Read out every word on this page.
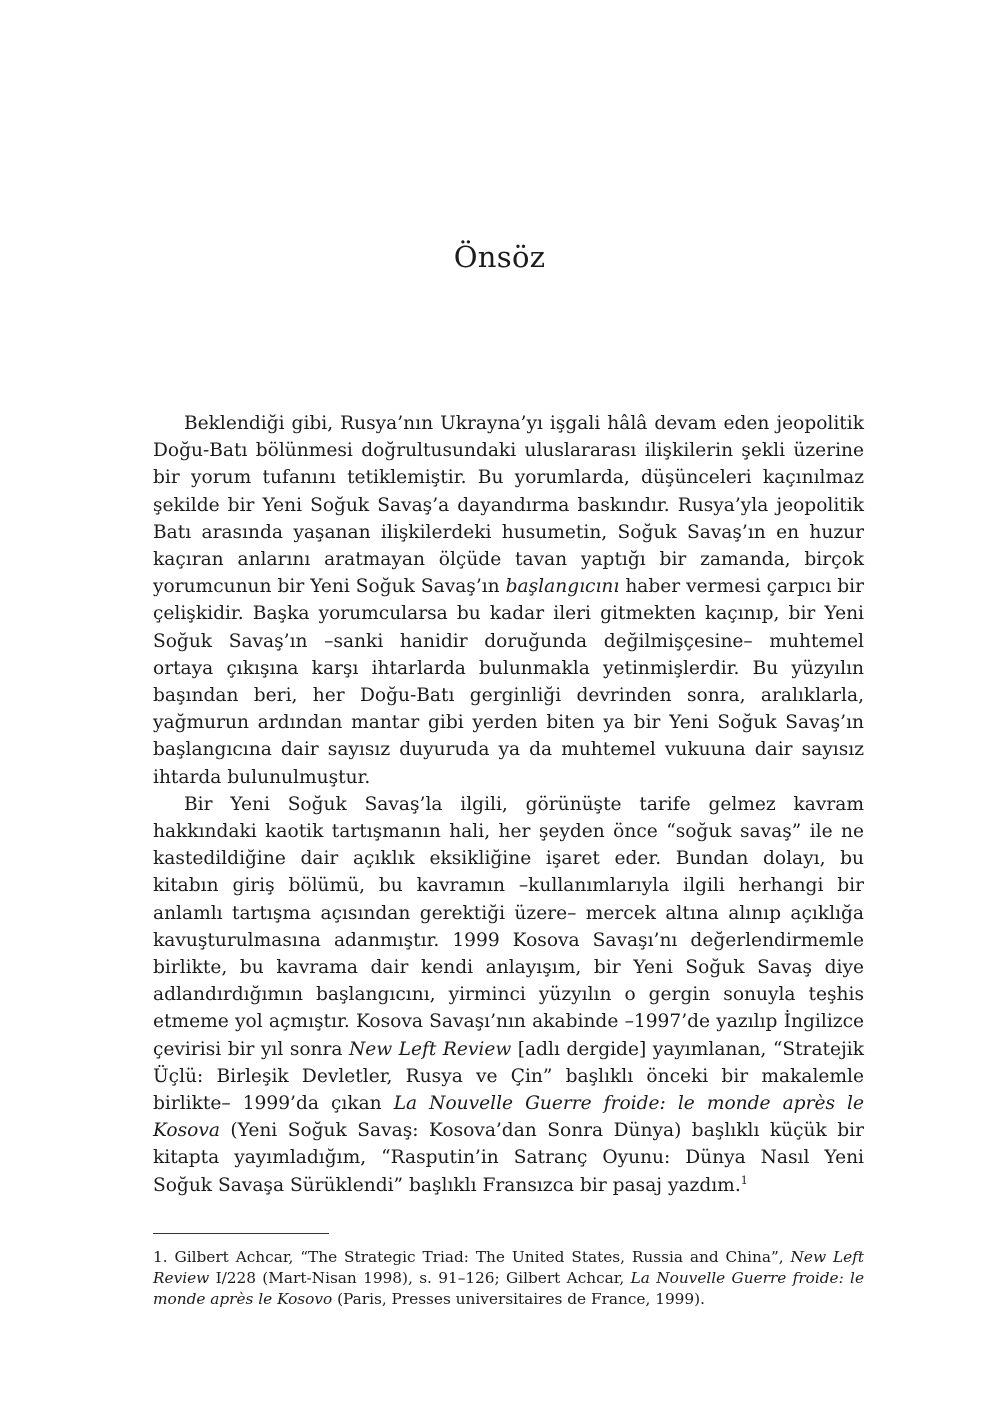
Önsöz

Beklendiği gibi, Rusya’nın Ukrayna’yı işgali hâlâ devam eden jeopolitik Doğu-Batı bölünmesi doğrultusundaki uluslararası ilişkilerin şekli üzerine bir yorum tufanını tetiklemiştir. Bu yorumlarda, düşünceleri kaçınılmaz şekilde bir Yeni Soğuk Savaş’a dayandırma baskındır. Rusya’yla jeopolitik Batı arasında yaşanan ilişkilerdeki husumetin, Soğuk Savaş’ın en huzur kaçıran anlarını aratmayan ölçüde tavan yaptığı bir zamanda, birçok yorumcunun bir Yeni Soğuk Savaş’ın başlangıcını haber vermesi çarpıcı bir çelişkidir. Başka yorumcularsa bu kadar ileri gitmekten kaçınıp, bir Yeni Soğuk Savaş’ın –sanki hanidir doruğunda değilmişçesine– muhtemel ortaya çıkışına karşı ihtarlarda bulunmakla yetinmişlerdir. Bu yüzyılın başından beri, her Doğu-Batı gerginliği devrinden sonra, aralıklarla, yağmurun ardından mantar gibi yerden biten ya bir Yeni Soğuk Savaş’ın başlangıcına dair sayısız duyuruda ya da muhtemel vukuuna dair sayısız ihtarda bulunulmuştur.

Bir Yeni Soğuk Savaş’la ilgili, görünüşte tarife gelmez kavram hakkındaki kaotik tartışmanın hali, her şeyden önce “soğuk savaş” ile ne kastedildiğine dair açıklık eksikliğine işaret eder. Bundan dolayı, bu kitabın giriş bölümü, bu kavramın –kullanımlarıyla ilgili herhangi bir anlamlı tartışma açısından gerektiği üzere– mercek altına alınıp açıklığa kavuşturulmasına adanmıştır. 1999 Kosova Savaşı’nı değerlendirmemle birlikte, bu kavrama dair kendi anlayışım, bir Yeni Soğuk Savaş diye adlandırdığımın başlangıcını, yirminci yüzyılın o gergin sonuyla teşhis etmeme yol açmıştır. Kosova Savaşı’nın akabinde –1997’de yazılıp İngilizce çevirisi bir yıl sonra New Left Review [adlı dergide] yayımlanan, “Stratejik Üçlü: Birleşik Devletler, Rusya ve Çin” başlıklı önceki bir makalemle birlikte– 1999’da çıkan La Nouvelle Guerre froide: le monde après le Kosova (Yeni Soğuk Savaş: Kosova’dan Sonra Dünya) başlıklı küçük bir kitapta yayımladığım, “Rasputin’in Satranç Oyunu: Dünya Nasıl Yeni Soğuk Savaşa Sürüklendi” başlıklı Fransızca bir pasaj yazdım.$^1$

1. Gilbert Achcar, “The Strategic Triad: The United States, Russia and China”, New Left Review I/228 (Mart-Nisan 1998), s. 91–126; Gilbert Achcar, La Nouvelle Guerre froide: le monde après le Kosovo (Paris, Presses universitaires de France, 1999).
